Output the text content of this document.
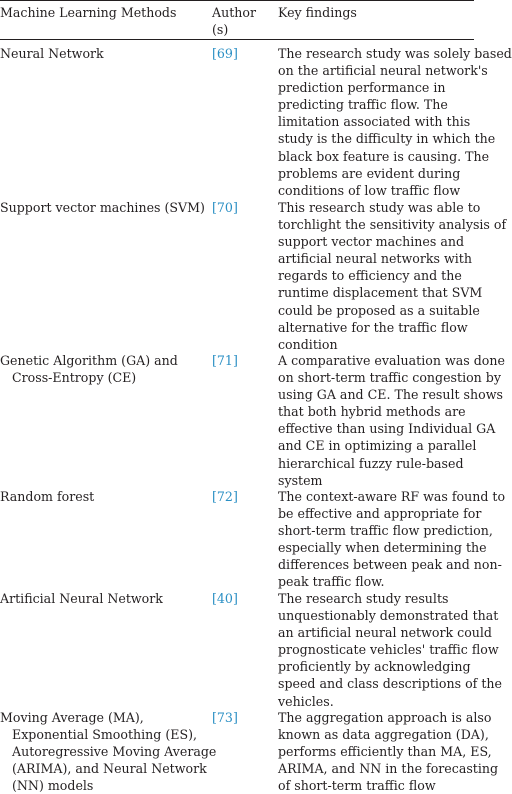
Machine Learning Methods	Author
(s)
Key findings
Neural Network	[69]	The research study was solely based
on the artificial neural network's
prediction performance in
predicting traffic flow. The
limitation associated with this
study is the difficulty in which the
black box feature is causing. The
problems are evident during
conditions of low traffic flow
Support vector machines (SVM) [70]	This research study was able to
torchlight the sensitivity analysis of
support vector machines and
artificial neural networks with
regards to efficiency and the
runtime displacement that SVM
could be proposed as a suitable
alternative for the traffic flow
condition
Genetic Algorithm (GA) and
Cross-Entropy (CE)
[71]	A comparative evaluation was done
on short-term traffic congestion by
using GA and CE. The result shows
that both hybrid methods are
effective than using Individual GA
and CE in optimizing a parallel
hierarchical fuzzy rule-based
system
Random forest	[72]	The context-aware RF was found to
be effective and appropriate for
short-term traffic flow prediction,
especially when determining the
differences between peak and non-
peak traffic flow.
Artificial Neural Network	[40]	The research study results
unquestionably demonstrated that
an artificial neural network could
prognosticate vehicles' traffic flow
proficiently by acknowledging
speed and class descriptions of the
vehicles.
Moving Average (MA),
Exponential Smoothing (ES),
Autoregressive Moving Average
(ARIMA), and Neural Network
(NN) models
[73]	The aggregation approach is also
known as data aggregation (DA),
performs efficiently than MA, ES,
ARIMA, and NN in the forecasting
of short-term traffic flow
